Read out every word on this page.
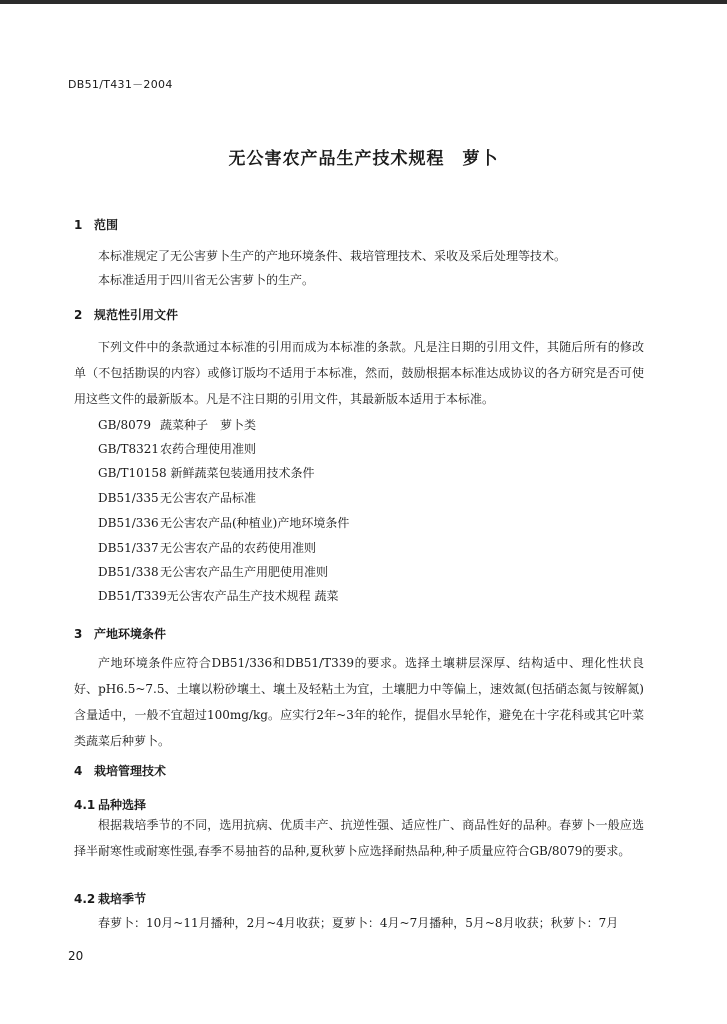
DB51/T431－2004
无公害农产品生产技术规程 萝卜
1 范围
本标准规定了无公害萝卜生产的产地环境条件、栽培管理技术、采收及采后处理等技术。
本标准适用于四川省无公害萝卜的生产。
2 规范性引用文件
下列文件中的条款通过本标准的引用而成为本标准的条款。凡是注日期的引用文件，其随后所有的修改单（不包括勘误的内容）或修订版均不适用于本标准，然而，鼓励根据本标准达成协议的各方研究是否可使用这些文件的最新版本。凡是不注日期的引用文件，其最新版本适用于本标准。
GB/8079 蔬菜种子　萝卜类
GB/T8321农药合理使用准则
GB/T10158 新鲜蔬菜包装通用技术条件
DB51/335无公害农产品标准
DB51/336无公害农产品(种植业)产地环境条件
DB51/337无公害农产品的农药使用准则
DB51/338无公害农产品生产用肥使用准则
DB51/T339无公害农产品生产技术规程 蔬菜
3 产地环境条件
产地环境条件应符合DB51/336和DB51/T339的要求。选择土壤耕层深厚、结构适中、理化性状良好、pH6.5~7.5、土壤以粉砂壤土、壤土及轻粘土为宜，土壤肥力中等偏上，速效氮(包括硝态氮与铵解氮)含量适中，一般不宜超过100mg/kg。应实行2年~3年的轮作，提倡水旱轮作，避免在十字花科或其它叶菜类蔬菜后种萝卜。
4 栽培管理技术
4.1 品种选择
根据栽培季节的不同，选用抗病、优质丰产、抗逆性强、适应性广、商品性好的品种。春萝卜一般应选择半耐寒性或耐寒性强,春季不易抽苔的品种,夏秋萝卜应选择耐热品种,种子质量应符合GB/8079的要求。
4.2 栽培季节
春萝卜：10月~11月播种，2月~4月收获；夏萝卜：4月~7月播种，5月~8月收获；秋萝卜：7月
20
